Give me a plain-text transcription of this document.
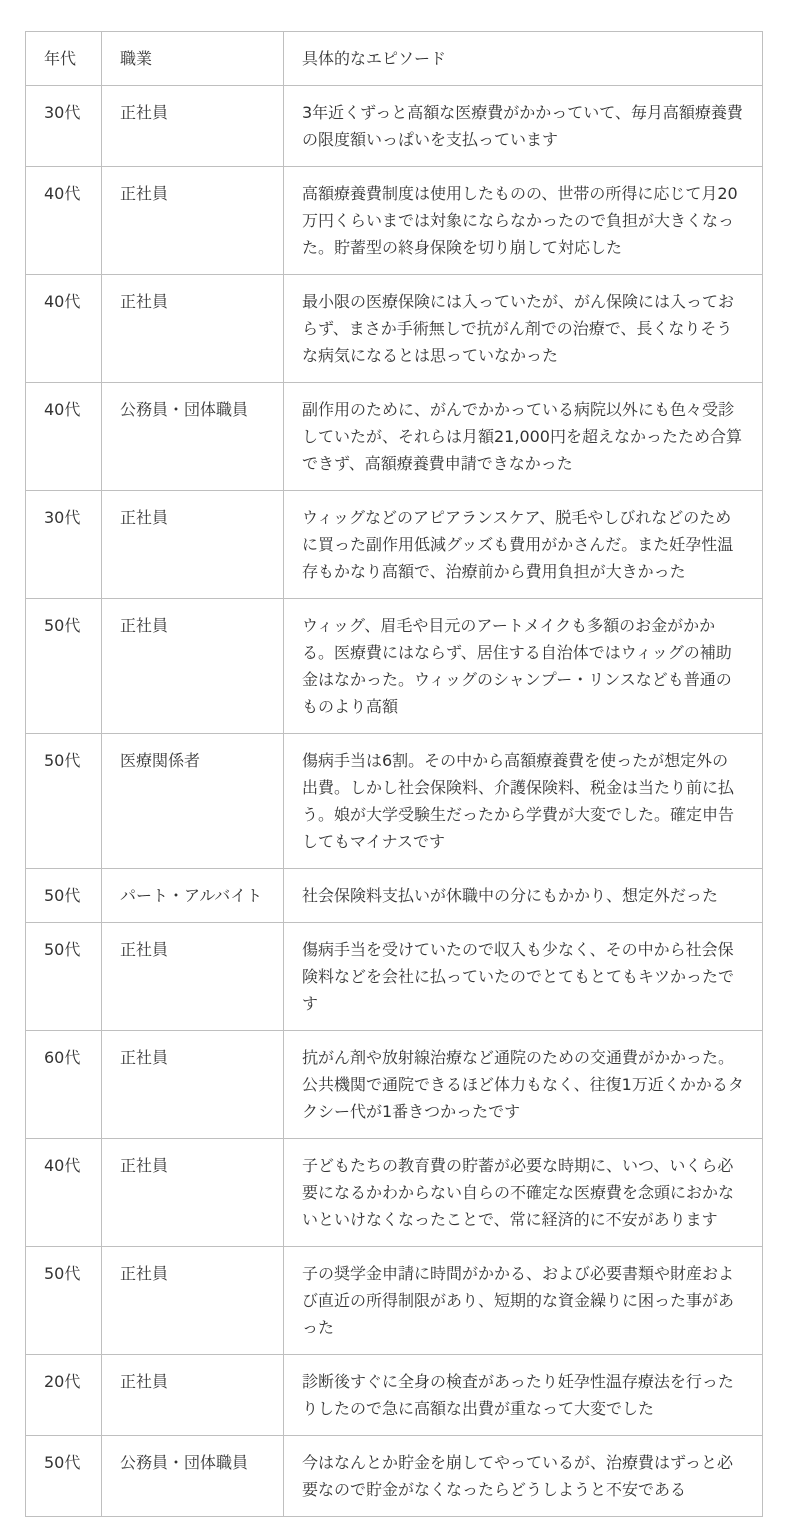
年代	職業	具体的なエピソード
30代	正社員	3年近くずっと高額な医療費がかかっていて、毎月高額療養費の限度額いっぱいを支払っています
40代	正社員	高額療養費制度は使用したものの、世帯の所得に応じて月20万円くらいまでは対象にならなかったので負担が大きくなった。貯蓄型の終身保険を切り崩して対応した
40代	正社員	最小限の医療保険には入っていたが、がん保険には入っておらず、まさか手術無しで抗がん剤での治療で、長くなりそうな病気になるとは思っていなかった
40代	公務員・団体職員	副作用のために、がんでかかっている病院以外にも色々受診していたが、それらは月額21,000円を超えなかったため合算できず、高額療養費申請できなかった
30代	正社員	ウィッグなどのアピアランスケア、脱毛やしびれなどのために買った副作用低減グッズも費用がかさんだ。また妊孕性温存もかなり高額で、治療前から費用負担が大きかった
50代	正社員	ウィッグ、眉毛や目元のアートメイクも多額のお金がかかる。医療費にはならず、居住する自治体ではウィッグの補助金はなかった。ウィッグのシャンプー・リンスなども普通のものより高額
50代	医療関係者	傷病手当は6割。その中から高額療養費を使ったが想定外の出費。しかし社会保険料、介護保険料、税金は当たり前に払う。娘が大学受験生だったから学費が大変でした。確定申告してもマイナスです
50代	パート・アルバイト	社会保険料支払いが休職中の分にもかかり、想定外だった
50代	正社員	傷病手当を受けていたので収入も少なく、その中から社会保険料などを会社に払っていたのでとてもとてもキツかったです
60代	正社員	抗がん剤や放射線治療など通院のための交通費がかかった。公共機関で通院できるほど体力もなく、往復1万近くかかるタクシー代が1番きつかったです
40代	正社員	子どもたちの教育費の貯蓄が必要な時期に、いつ、いくら必要になるかわからない自らの不確定な医療費を念頭におかないといけなくなったことで、常に経済的に不安があります
50代	正社員	子の奨学金申請に時間がかかる、および必要書類や財産および直近の所得制限があり、短期的な資金繰りに困った事があった
20代	正社員	診断後すぐに全身の検査があったり妊孕性温存療法を行ったりしたので急に高額な出費が重なって大変でした
50代	公務員・団体職員	今はなんとか貯金を崩してやっているが、治療費はずっと必要なので貯金がなくなったらどうしようと不安である
